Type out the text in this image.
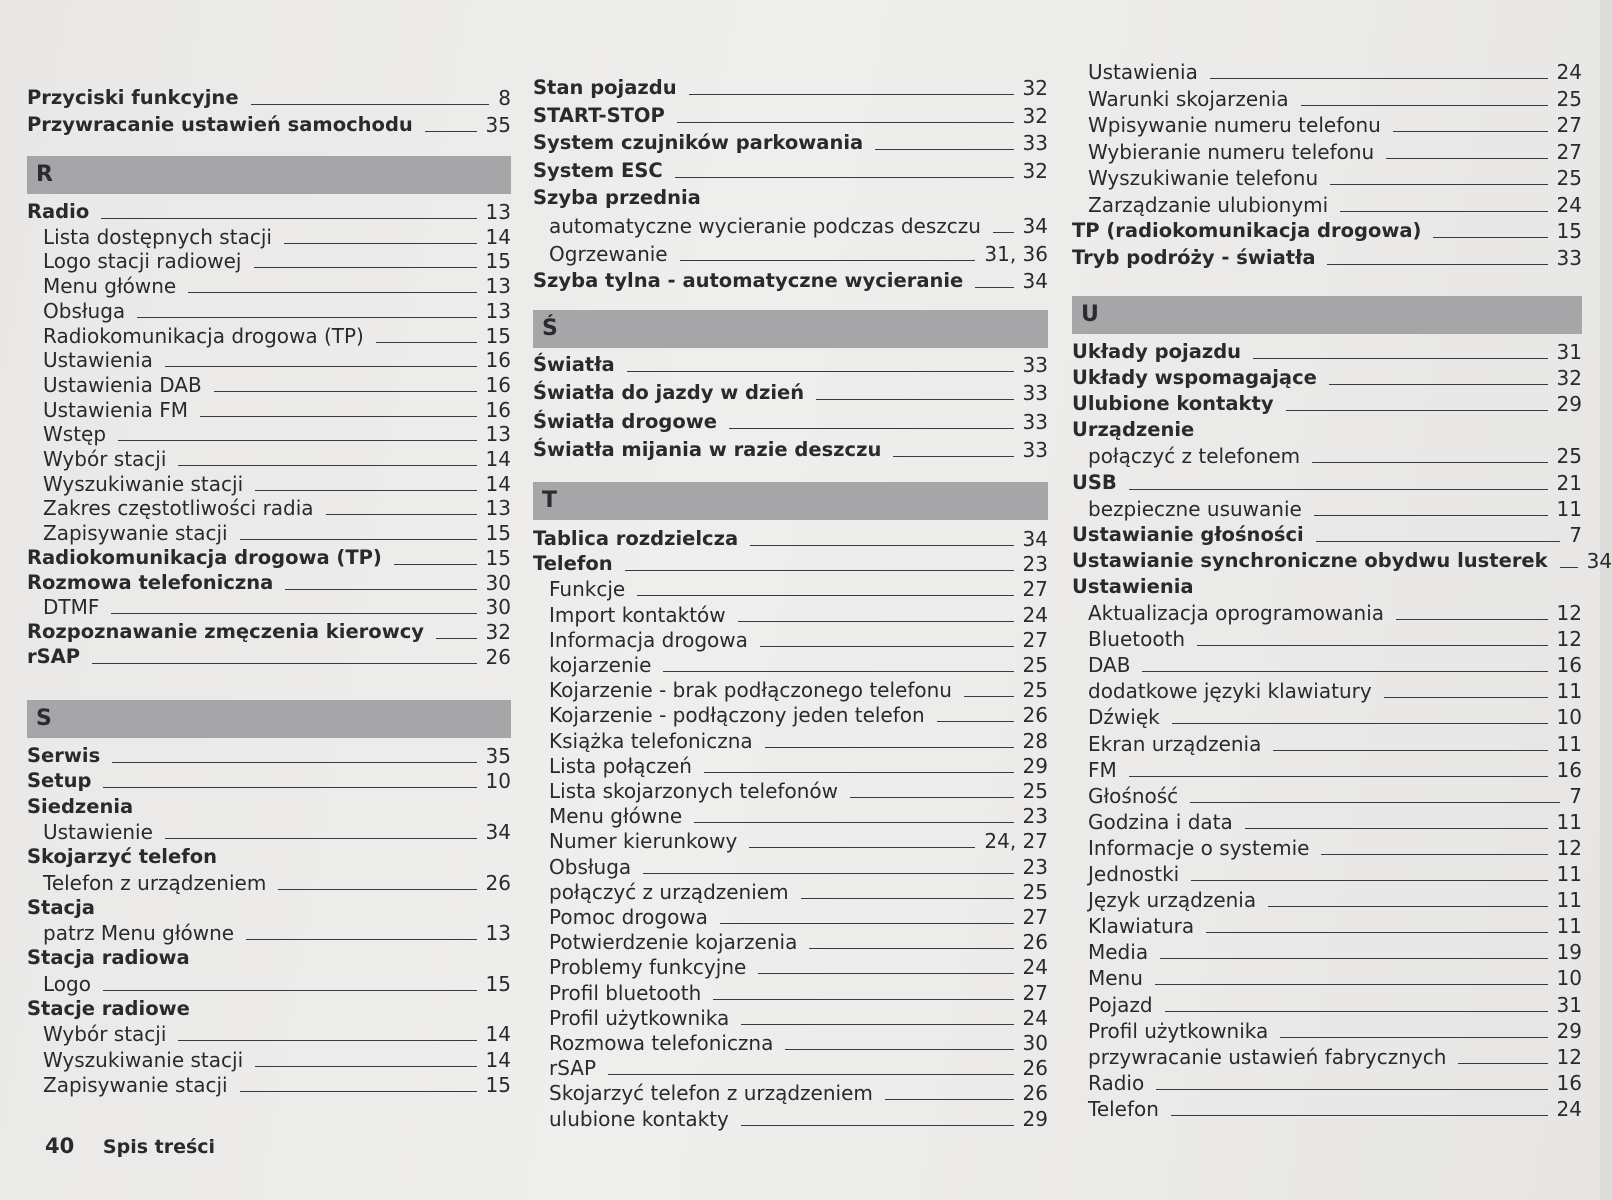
Przyciski funkcyjne	8
Przywracanie ustawień samochodu	35
R
Radio	13
Lista dostępnych stacji	14
Logo stacji radiowej	15
Menu główne	13
Obsługa	13
Radiokomunikacja drogowa (TP)	15
Ustawienia	16
Ustawienia DAB	16
Ustawienia FM	16
Wstęp	13
Wybór stacji	14
Wyszukiwanie stacji	14
Zakres częstotliwości radia	13
Zapisywanie stacji	15
Radiokomunikacja drogowa (TP)	15
Rozmowa telefoniczna	30
DTMF	30
Rozpoznawanie zmęczenia kierowcy	32
rSAP	26
S
Serwis	35
Setup	10
Siedzenia
Ustawienie	34
Skojarzyć telefon
Telefon z urządzeniem	26
Stacja
patrz Menu główne	13
Stacja radiowa
Logo	15
Stacje radiowe
Wybór stacji	14
Wyszukiwanie stacji	14
Zapisywanie stacji	15
Stan pojazdu	32
START-STOP	32
System czujników parkowania	33
System ESC	32
Szyba przednia
automatyczne wycieranie podczas deszczu 34
Ogrzewanie	31, 36
Szyba tylna - automatyczne wycieranie	34
Ś
Światła	33
Światła do jazdy w dzień	33
Światła drogowe	33
Światła mijania w razie deszczu	33
T
Tablica rozdzielcza	34
Telefon	23
Funkcje	27
Import kontaktów	24
Informacja drogowa	27
kojarzenie	25
Kojarzenie - brak podłączonego telefonu	25
Kojarzenie - podłączony jeden telefon	26
Książka telefoniczna	28
Lista połączeń	29
Lista skojarzonych telefonów	25
Menu główne	23
Numer kierunkowy	24, 27
Obsługa	23
połączyć z urządzeniem	25
Pomoc drogowa	27
Potwierdzenie kojarzenia	26
Problemy funkcyjne	24
Profil bluetooth	27
Profil użytkownika	24
Rozmowa telefoniczna	30
rSAP	26
Skojarzyć telefon z urządzeniem	26
ulubione kontakty	29
Ustawienia	24
Warunki skojarzenia	25
Wpisywanie numeru telefonu	27
Wybieranie numeru telefonu	27
Wyszukiwanie telefonu	25
Zarządzanie ulubionymi	24
TP (radiokomunikacja drogowa)	15
Tryb podróży - światła	33
U
Układy pojazdu	31
Układy wspomagające	32
Ulubione kontakty	29
Urządzenie
połączyć z telefonem	25
USB	21
bezpieczne usuwanie	11
Ustawianie głośności	7
Ustawianie synchroniczne obydwu lusterek 34
Ustawienia
Aktualizacja oprogramowania	12
Bluetooth	12
DAB	16
dodatkowe języki klawiatury	11
Dźwięk	10
Ekran urządzenia	11
FM	16
Głośność	7
Godzina i data	11
Informacje o systemie	12
Jednostki	11
Język urządzenia	11
Klawiatura	11
Media	19
Menu	10
Pojazd	31
Profil użytkownika	29
przywracanie ustawień fabrycznych	12
Radio	16
Telefon	24
40 Spis treści
